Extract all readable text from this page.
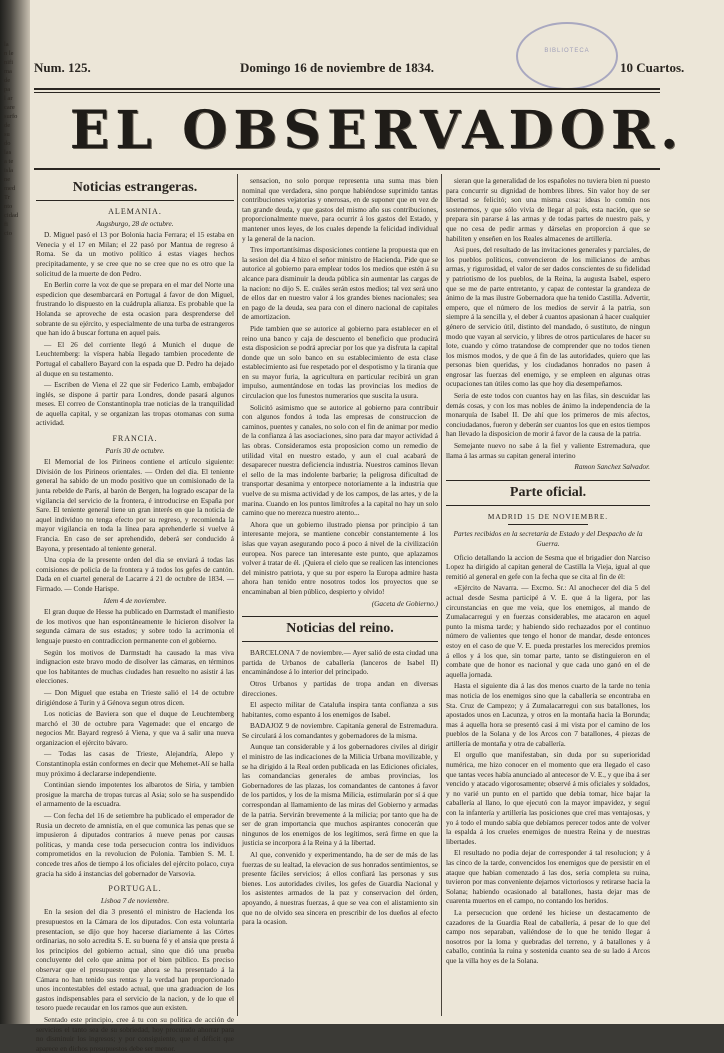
la
n le
nifi
ma
de
pa
l ar
care
surfo
de
su
do
las
a te
isla
ne
med
Tr
nto
cidad
fi
cio
BIBLIOTECA
Num. 125.	Domingo 16 de noviembre de 1834.	10 Cuartos.
EL OBSERVADOR.
Noticias estrangeras.
ALEMANIA.
Augsburgo, 28 de octubre.

D. Miguel pasó el 13 por Bolonia hacia Ferrara; el 15 estaba en Venecia y el 17 en Milan; el 22 pasó por Mantua de regreso á Roma. Se da un motivo político á estas viages hechos precipitadamente, y se cree que no se cree que no es otro que la solicitud de la muerte de don Pedro.

En Berlin corre la voz de que se prepara en el mar del Norte una espedicion que desembarcará en Portugal á favor de don Miguel, frustrando lo dispuesto en la cuádrupla alianza. Es probable que la Holanda se aproveche de esta ocasion para desprenderse del sobrante de su ejército, y especialmente de una turba de estrangeros que han ido á buscar fortuna en aquel pais.

— El 26 del corriente llegó á Munich el duque de Leuchtemberg: la víspera había llegado tambien procedente de Portugal el caballero Bayard con la espada que D. Pedro ha dejado al duque en su testamento.

— Escriben de Viena el 22 que sir Federico Lamb, embajador inglés, se dispone á partir para Londres, donde pasará algunos meses. El correo de Constantinopla trae noticias de la tranquilidad de aquella capital, y se organizan las tropas otomanas con suma actividad.

FRANCIA.
París 30 de octubre.

El Memorial de los Pirineos contiene el artículo siguiente: División de los Pirineos orientales. — Orden del dia. El teniente general ha sabido de un modo positivo que un comisionado de la junta rebelde de París, al barón de Bergen, ha logrado escapar de la vigilancia del servicio de la frontera, é introducirse en España por Sare. El teniente general tiene un gran interés en que la noticia de aquel individuo no tenga efecto por su regreso, y recomienda la mayor vigilancia en toda la línea para aprehenderle si vuelve á Francia. En caso de ser aprehendido, deberá ser conducido á Bayona, y presentado al teniente general.

Una copia de la presente orden del dia se enviará á todas las comisiones de policía de la frontera y á todos los gefes de cantón. Dada en el cuartel general de Lacarre á 21 de octubre de 1834. — Firmado. — Conde Harispe.

Idem 4 de noviembre.

El gran duque de Hesse ha publicado en Darmstadt el manifiesto de los motivos que han espontáneamente le hicieron disolver la segunda cámara de sus estados; y sobre todo la acrimonia el lenguaje puesto en contradiccion permanente con el gobierno.

Según los motivos de Darmstadt ha causado la mas viva indignacion este bravo modo de disolver las cámaras, en términos que los habitantes de muchas ciudades han resuelto no asistir á las elecciones.

— Don Miguel que estaba en Trieste salió el 14 de octubre dirigiéndose á Turin y á Génova segun otros dicen.

Los noticias de Baviera son que el duque de Leuchtemberg marchó el 30 de octubre para Vagemade: que el encargo de negocios Mr. Bayard regresó á Viena, y que va á salir una nueva organizacion el ejército bávaro.

— Todas las casas de Trieste, Alejandría, Alepo y Constantinopla están conformes en decir que Mehemet-Alí se halla muy próximo á declararse independiente.

Continúan siendo impotentes los albarotos de Siria, y tambien prosigue la marcha de tropas turcas al Asia; solo se ha suspendido el armamento de la escuadra.

— Con fecha del 16 de setiembre ha publicado el emperador de Rusia un decreto de amnistía, en el que comunica las penas que se impusieron á diputados contrarios á nueve penas por causas políticas, y manda cese toda persecucion contra los individuos comprometidos en la revolucion de Polonia. Tambien S. M. I. concede tres años de tiempo á los oficiales del ejército polaco, cuya gracia ha sido á instancias del gobernador de Varsovia.

PORTUGAL.
Lisboa 7 de noviembre.

En la sesion del dia 3 presentó el ministro de Hacienda los presupuestos en la Cámara de los diputados. Con esta voluntaria presentacion, se dijo que hoy hacerse diariamente á las Córtes ordinarias, no solo acredita S. E. su buena fé y el ansia que presta á los principios del gobierno actual, sino que dió una prueba concluyente del celo que anima por el bien público. Es preciso observar que el presupuesto que ahora se ha presentado á la Cámara no han tenido sus rentas y la verdad han proporcionado unos incontestables del estado actual, que una graduacion de los gastos indispensables para el servicio de la nacion, y de lo que el tesoro puede recaudar en los ramos que aun existen.

Sentado este principio, cree á tu con su política de acción de servicios el tanto sea de su sobriedad, hoy procurado ahorrar para no disminuir los ingresos; y por consiguiente, que el déficit que aparece en dichos presupuestos debe ser menor.

sensacion, no solo porque representa una suma mas bien nominal que verdadera, sino porque habiéndose suprimido tantas contribuciones vejatorias y onerosas, en de suponer que en vez de tan grande deuda, y que gastos del mismo año sus contribuciones, proporcionalmente nueve, para ocurrir á los gastos del Estado, y mantener unos leyes, de los cuales depende la felicidad individual y la general de la nacion.

Tres importantísimas disposiciones contiene la propuesta que en la sesion del dia 4 hizo el señor ministro de Hacienda. Pide que se autorice al gobierno para emplear todos los medios que estén á su alcance para disminuir la deuda pública sin aumentar las cargas de la nacion: no dijo S. E. cuáles serán estos medios; tal vez será uno de ellos dar en nuestro valor á los grandes bienes nacionales; sea en pago de la deuda, sea para con el dinero nacional de capitales de amortizacion.

Pide tambien que se autorice al gobierno para establecer en el reino una banco y caja de descuento el beneficio que producirá esta disposicion se podrá apreciar por los que ya disfruta la capital donde que un solo banco en su establecimiento de esta clase establecimiento asi fue respetado por el despotismo y la tiranía que en su mayor furia, la agricultura en particular recibirá un gran impulso, aumentándose en todas las provincias los medios de circulacion que los funestos numerarios que suscita la usura.

Solicitó asimismo que se autorice al gobierno para contribuir con algunos fondos á toda las empresas de construccion de caminos, puentes y canales, no solo con el fin de animar por medio de la confianza á las asociaciones, sino para dar mayor actividad á las obras. Consideramos esta proposicion como un remedio de utilidad vital en nuestro estado, y aun el cual acabará de desaparecer nuestra deficiencia industria. Nuestros caminos llevan el sello de la mas indolente barbarie; la peligrosa dificultad de transportar desanima y entorpece notoriamente a la industria que vuelve de su misma actividad y de los campos, de las artes, y de la marina. Cuando en los puntos limítrofes a la capital no hay un solo camino que no merezca nuestro atento...

Ahora que un gobierno ilustrado piensa por principio á tan interesante mejora, se mantiene concebir constantemente á los islas que vayan asegurando poco á poco á nivel de la civilización europea. Nos parece tan interesante este punto, que aplazamos volver á tratar de él. ¡Quiera el cielo que se realicen las intenciones del ministro patriota, y que su por espero la Europa admire hasta ahora han tenido entre nosotros todos los proyectos que se encaminaban al bien público, despierto y olvido!

(Gaceta de Gobierno.)
Noticias del reino.

BARCELONA 7 de noviembre.— Ayer salió de esta ciudad una partida de Urbanos de caballería (lanceros de Isabel II) encaminándose á lo interior del principado.

Otros Urbanos y partidas de tropa andan en diversas direcciones.

El aspecto militar de Cataluña inspira tanta confianza a sus habitantes, como espanto á los enemigos de Isabel.

BADAJOZ 9 de noviembre. Capitanía general de Estremadura. Se circulará á los comandantes y gobernadores de la misma.

Aunque tan considerable y á los gobernadores civiles al dirigir el ministro de las indicaciones de la Milicia Urbana movilizable, y se ha dirigido á la Real orden publicada en las Ediciones oficiales, las comandancias generales de ambas provincias, los Gobernadores de las plazas, los comandantes de cantones á favor de los partidos, y los de la misma Milicia, estimularán por sí á que correspondan al llamamiento de las miras del Gobierno y armadas de la patria. Servirán brevemente á la milicia; por tanto que ha de ser de gran importancia que muchos aspirantes conocerán que ningunos de los enemigos de los legítimos, será firme en que la justicia se incorpora á la Reina y á la libertad.

Al que, convenido y experimentando, ha de ser de más de las fuerzas de su lealtad, la elevacion de sus honrados sentimientos, se presente fáciles servicios; á ellos confiará las personas y sus bienes. Los autoridades civiles, los gefes de Guardia Nacional y los asistentes armados de la paz y conservacion del órden, apoyando, á nuestras fuerzas, á que se vea con el alistamiento sin que no de olvido sea sincera en prescribir de los dueños al efecto para la ocasion.

sieran que la generalidad de los españoles no tuviera bien ni puesto para concurrir su dignidad de hombres libres. Sin valor hoy de ser libertad se felicitó; son una misma cosa: ideas lo común nos sostenemos, y que sólo vivía de llegar al país, esta nación, que se prepara sin pararse á las armas y de todas partes de nuestro país, y que no cesa de pedir armas y dárselas en proporcion á que se habiliten y enseñen en los Reales almacenes de artillería.

Asi pues, del resultado de las invitaciones generales y parciales, de los pueblos políticos, convencieron de los milicianos de ambas armas, y rigurosidad, el valor de ser dados conscientes de su fidelidad y patriotismo de los pueblos, de la Reina, la augusta Isabel, espero que se me de parte entretanto, y capaz de contestar la grandeza de ánimo de la mas ilustre Gobernadora que ha tenido Castilla. Advertir, empero, que el número de los medios de servir á la patria, son siempre á la sencilla y, el deber á cuantos apasionan á hacer cualquier género de servicio útil, distinto del mandado, ó sustituto, de ningun modo que vayan al servicio, y libres de otros particulares de hacer su lote, cuando y cómo tratandose de comprender que no todos tienen los mismos modos, y de que á fin de las autoridades, quiero que las personas bien queridas, y los ciudadanos honrados no pasen á engrosar las fuerzas del enemigo, y se empleen en algunas otras ocupaciones tan útiles como las que hoy dia desempeñamos.

Seria de este todos con cuantos hay en las filas, sin descuidar las demás cosas, y con los mas nobles de ánimo la independencia de la monarquía de Isabel II. De ahí que los primeros de mis afectos, conciudadanos, fueron y deberán ser cuantos los que en estos tiempos han llevado la disposicion de morir á favor de la causa de la patria.

Semejante nuevo no sabe á la fiel y valiente Estremadura, que llama á las armas su capitan general interino

Ramon Sanchez Salvador.
Parte oficial.
MADRID 15 DE NOVIEMBRE.
Partes recibidos en la secretaría de Estado y del Despacho de la Guerra.

Oficio detallando la accion de Sesma que el brigadier don Narciso Lopez ha dirigido al capitan general de Castilla la Vieja, igual al que remitió al general en gefe con la fecha que se cita al fin de él:

«Ejército de Navarra. — Excmo. Sr.: Al anochecer del dia 5 del actual desde Sesma participé á V. E. que á la ligera, por las circunstancias en que me veia, que los enemigos, al mando de Zumalacarregui y en fuerzas considerables, me atacaron en aquel punto la misma tarde; y habiendo sido rechazados por el continuo número de valientes que tengo el honor de mandar, desde entonces estoy en el caso de que V. E. pueda prestarles los merecidos premios á ellos y á los que, sin tomar parte, tanto se distinguieron en el combate que de honor es nacional y que cada uno ganó en el de aquella jornada.

Hasta el siguiente dia á las dos menos cuarto de la tarde no tenia mas noticia de los enemigos sino que la caballería se encontraba en Sta. Cruz de Campezo; y á Zumalacarregui con sus batallones, los apostados unos en Lacunza, y otros en la montaña hacia la Borunda; mas á aquella hora se presentó casi á mi vista por el camino de los pueblos de la Solana y de los Arcos con 7 batallones, 4 piezas de artillería de montaña y otra de caballería.

El orgullo que manifestaban, sin duda por su superioridad numérica, me hizo conocer en el momento que era llegado el caso que tantas veces había anunciado al antecesor de V. E., y que iba á ser vencido y atacado vigorosamente; observé á mis oficiales y soldados, y no varié un punto en el partido que debía tomar, hice bajar la caballería al llano, lo que ejecutó con la mayor impavidez, y seguí con la infantería y artillería las posiciones que creí mas ventajosas, y yo á todo el mundo sabía que debíamos perecer todos ante de volver la espalda á los crueles enemigos de nuestra Reina y de nuestras libertades.

El resultado no podia dejar de corresponder á tal resolucion; y á las cinco de la tarde, convencidos los enemigos que de persistir en el ataque que habian comenzado á las dos, sería completa su ruina, tuvieron por mas conveniente dejarnos victoriosos y retirarse hacia la Solana; habiendo ocasionado al batallones, hasta dejar mas de cuarenta muertos en el campo, no contando los heridos.

La persecucion que ordené les hiciese un destacamento de cazadores de la Guardia Real de caballería, á pesar de lo que del campo nos separaban, valiéndose de lo que he tenido llegar á nosotros por la loma y quebradas del terreno, y á batallones y á caballo, continúa la ruina y sostenida cuanto sea de su lado á Arcos que la villa hoy es de la Solana.
